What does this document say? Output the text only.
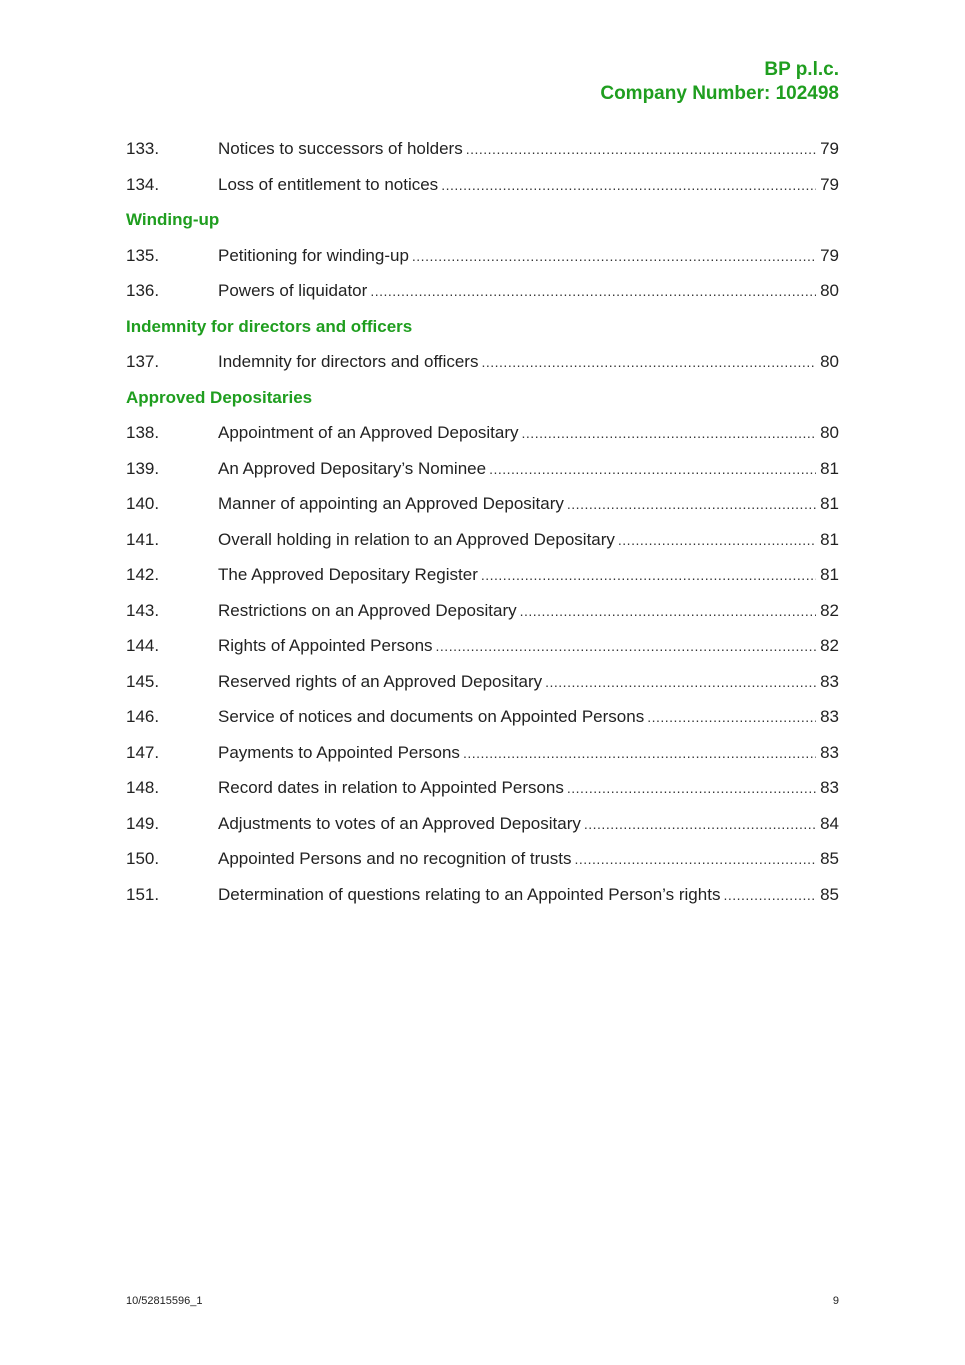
BP p.l.c.
Company Number: 102498
133.	Notices to successors of holders .....	79
134.	Loss of entitlement to notices .....	79
Winding-up
135.	Petitioning for winding-up .....	79
136.	Powers of liquidator .....	80
Indemnity for directors and officers
137.	Indemnity for directors and officers .....	80
Approved Depositaries
138.	Appointment of an Approved Depositary .....	80
139.	An Approved Depositary’s Nominee .....	81
140.	Manner of appointing an Approved Depositary .....	81
141.	Overall holding in relation to an Approved Depositary .....	81
142.	The Approved Depositary Register .....	81
143.	Restrictions on an Approved Depositary .....	82
144.	Rights of Appointed Persons .....	82
145.	Reserved rights of an Approved Depositary .....	83
146.	Service of notices and documents on Appointed Persons .....	83
147.	Payments to Appointed Persons .....	83
148.	Record dates in relation to Appointed Persons .....	83
149.	Adjustments to votes of an Approved Depositary .....	84
150.	Appointed Persons and no recognition of trusts .....	85
151.	Determination of questions relating to an Appointed Person’s rights .....	85
10/52815596_1	9
